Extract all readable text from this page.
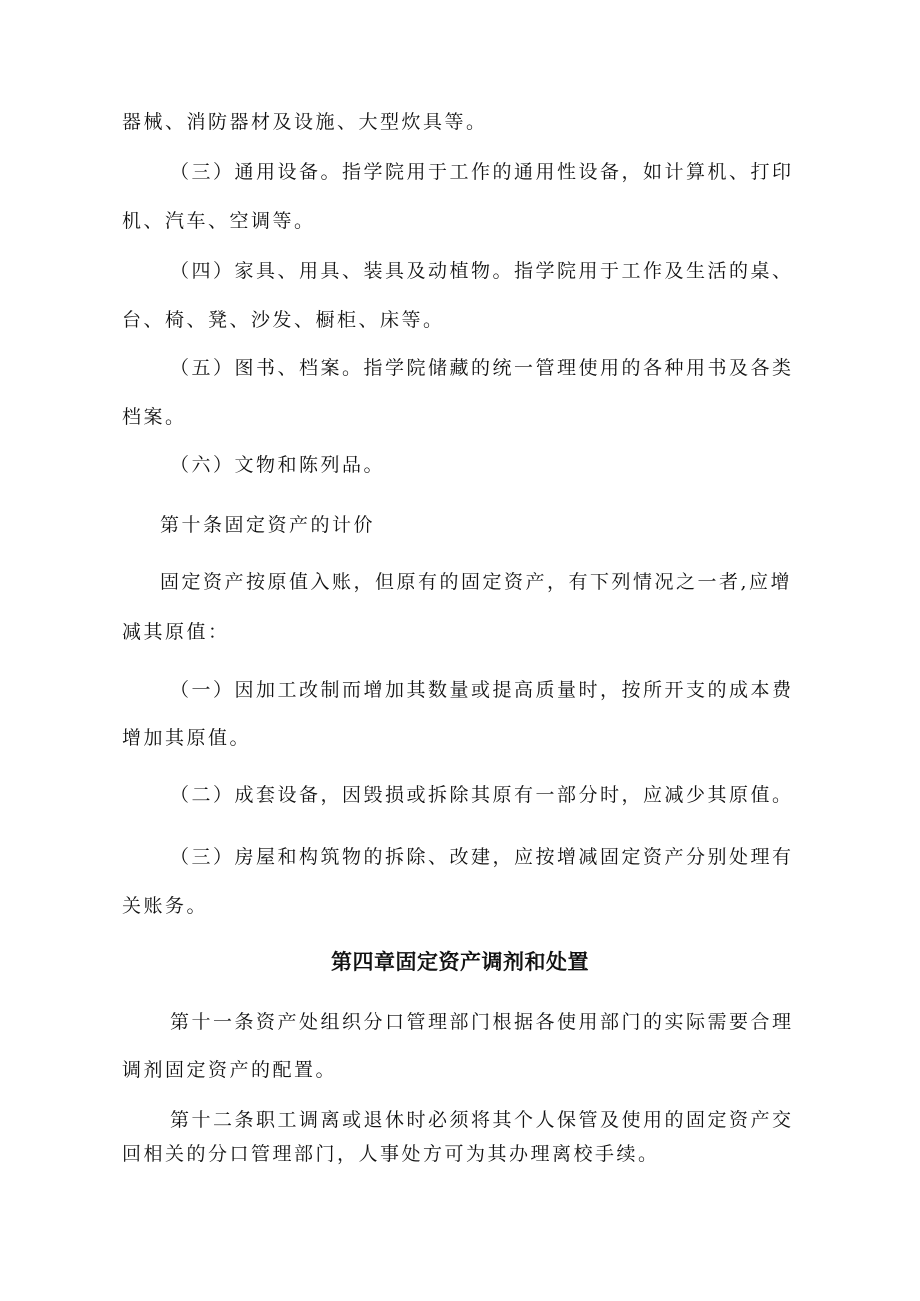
器械、消防器材及设施、大型炊具等。
（三）通用设备。指学院用于工作的通用性设备，如计算机、打印
机、汽车、空调等。
（四）家具、用具、装具及动植物。指学院用于工作及生活的桌、
台、椅、凳、沙发、橱柜、床等。
（五）图书、档案。指学院储藏的统一管理使用的各种用书及各类
档案。
（六）文物和陈列品。
第十条固定资产的计价
固定资产按原值入账，但原有的固定资产，有下列情况之一者,应增
减其原值：
（一）因加工改制而增加其数量或提高质量时，按所开支的成本费
增加其原值。
（二）成套设备，因毁损或拆除其原有一部分时，应减少其原值。
（三）房屋和构筑物的拆除、改建，应按增减固定资产分别处理有
关账务。
第四章固定资产调剂和处置
第十一条资产处组织分口管理部门根据各使用部门的实际需要合理
调剂固定资产的配置。
第十二条职工调离或退休时必须将其个人保管及使用的固定资产交
回相关的分口管理部门，人事处方可为其办理离校手续。
